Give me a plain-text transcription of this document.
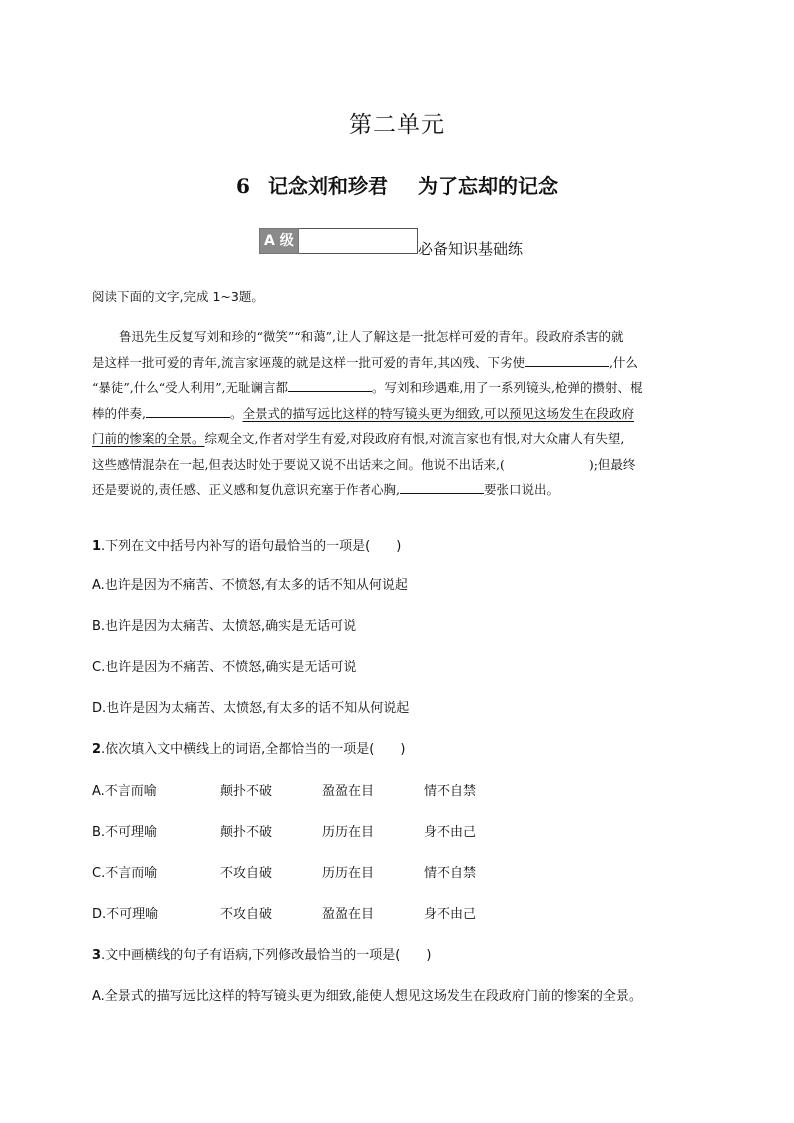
第二单元
6 记念刘和珍君 为了忘却的记念
A 级	必备知识基础练
阅读下面的文字,完成 1~3题。
鲁迅先生反复写刘和珍的“微笑”“和蔼”,让人了解这是一批怎样可爱的青年。段政府杀害的就
是这样一批可爱的青年,流言家诬蔑的就是这样一批可爱的青年,其凶残、下劣使	,什么
“暴徒”,什么“受人利用”,无耻谰言都	。写刘和珍遇难,用了一系列镜头,枪弹的攒射、棍
棒的伴奏,	。全景式的描写远比这样的特写镜头更为细致,可以预见这场发生在段政府
门前的惨案的全景。综观全文,作者对学生有爱,对段政府有恨,对流言家也有恨,对大众庸人有失望,
这些感情混杂在一起,但表达时处于要说又说不出话来之间。他说不出话来,(	);但最终
还是要说的,责任感、正义感和复仇意识充塞于作者心胸,	要张口说出。
1.下列在文中括号内补写的语句最恰当的一项是(　　)
A.也许是因为不痛苦、不愤怒,有太多的话不知从何说起
B.也许是因为太痛苦、太愤怒,确实是无话可说
C.也许是因为不痛苦、不愤怒,确实是无话可说
D.也许是因为太痛苦、太愤怒,有太多的话不知从何说起
2.依次填入文中横线上的词语,全都恰当的一项是(　　)
A.不言而喻	颠扑不破	盈盈在目	情不自禁
B.不可理喻	颠扑不破	历历在目	身不由己
C.不言而喻	不攻自破	历历在目	情不自禁
D.不可理喻	不攻自破	盈盈在目	身不由己
3.文中画横线的句子有语病,下列修改最恰当的一项是(　　)
A.全景式的描写远比这样的特写镜头更为细致,能使人想见这场发生在段政府门前的惨案的全景。
